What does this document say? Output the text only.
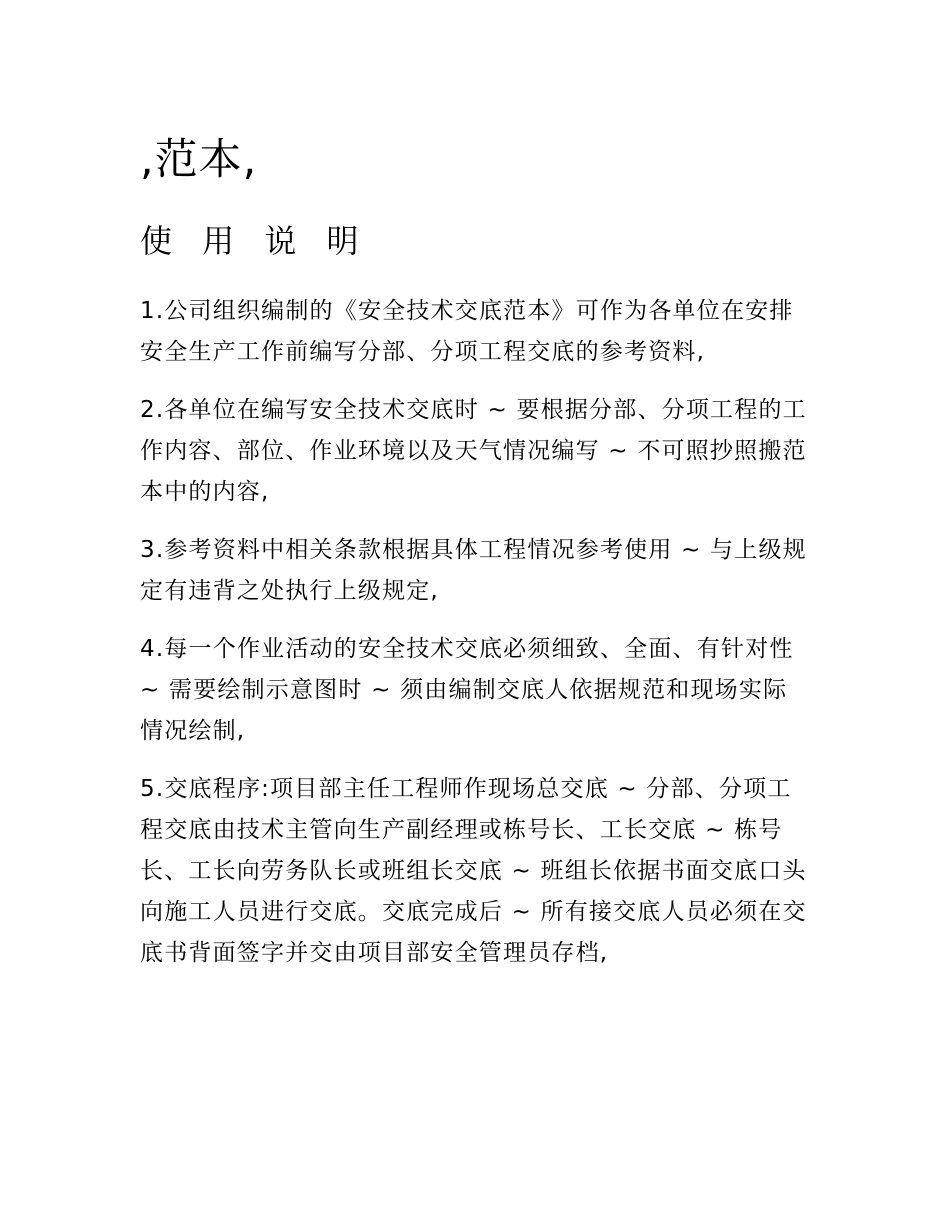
,范本,
使 用 说 明

1.公司组织编制的《安全技术交底范本》可作为各单位在安排安全生产工作前编写分部、分项工程交底的参考资料,

2.各单位在编写安全技术交底时 ~ 要根据分部、分项工程的工作内容、部位、作业环境以及天气情况编写 ~ 不可照抄照搬范本中的内容,

3.参考资料中相关条款根据具体工程情况参考使用 ~ 与上级规定有违背之处执行上级规定,

4.每一个作业活动的安全技术交底必须细致、全面、有针对性 ~ 需要绘制示意图时 ~ 须由编制交底人依据规范和现场实际情况绘制,

5.交底程序:项目部主任工程师作现场总交底 ~ 分部、分项工程交底由技术主管向生产副经理或栋号长、工长交底 ~ 栋号长、工长向劳务队长或班组长交底 ~ 班组长依据书面交底口头向施工人员进行交底。交底完成后 ~ 所有接交底人员必须在交底书背面签字并交由项目部安全管理员存档,
